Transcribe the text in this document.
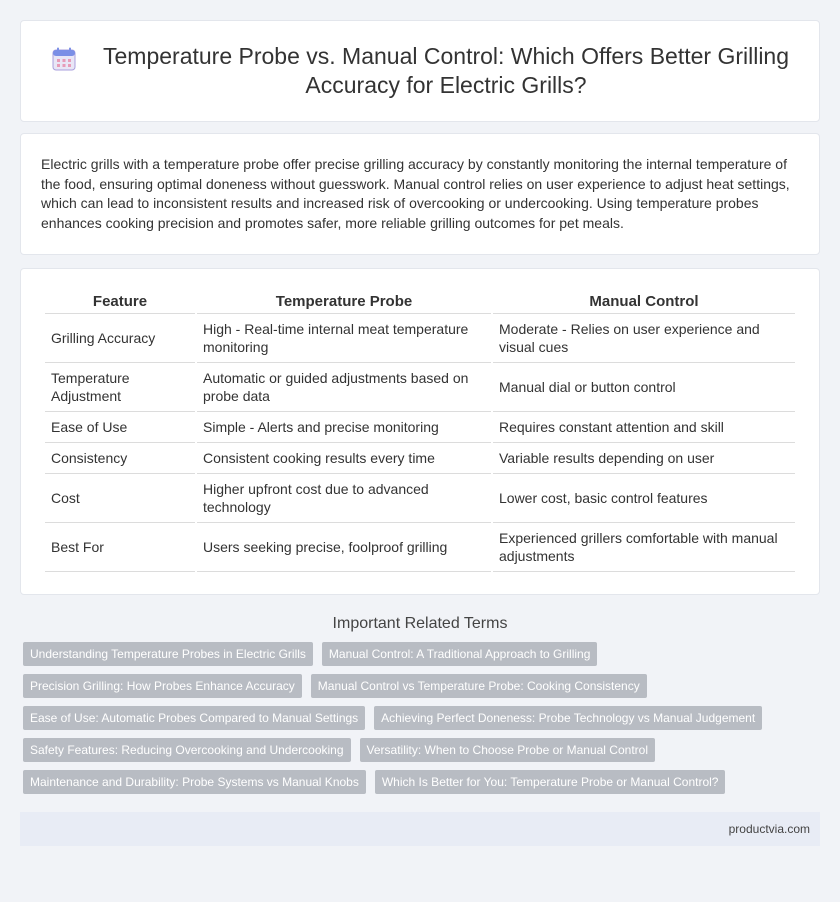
Temperature Probe vs. Manual Control: Which Offers Better Grilling Accuracy for Electric Grills?
Electric grills with a temperature probe offer precise grilling accuracy by constantly monitoring the internal temperature of the food, ensuring optimal doneness without guesswork. Manual control relies on user experience to adjust heat settings, which can lead to inconsistent results and increased risk of overcooking or undercooking. Using temperature probes enhances cooking precision and promotes safer, more reliable grilling outcomes for pet meals.
Feature	Temperature Probe	Manual Control
Grilling Accuracy	High - Real-time internal meat temperature monitoring	Moderate - Relies on user experience and visual cues
Temperature Adjustment	Automatic or guided adjustments based on probe data	Manual dial or button control
Ease of Use	Simple - Alerts and precise monitoring	Requires constant attention and skill
Consistency	Consistent cooking results every time	Variable results depending on user
Cost	Higher upfront cost due to advanced technology	Lower cost, basic control features
Best For	Users seeking precise, foolproof grilling	Experienced grillers comfortable with manual adjustments
Important Related Terms
Understanding Temperature Probes in Electric Grills	Manual Control: A Traditional Approach to Grilling
Precision Grilling: How Probes Enhance Accuracy	Manual Control vs Temperature Probe: Cooking Consistency
Ease of Use: Automatic Probes Compared to Manual Settings	Achieving Perfect Doneness: Probe Technology vs Manual Judgement
Safety Features: Reducing Overcooking and Undercooking	Versatility: When to Choose Probe or Manual Control
Maintenance and Durability: Probe Systems vs Manual Knobs	Which Is Better for You: Temperature Probe or Manual Control?
productvia.com
